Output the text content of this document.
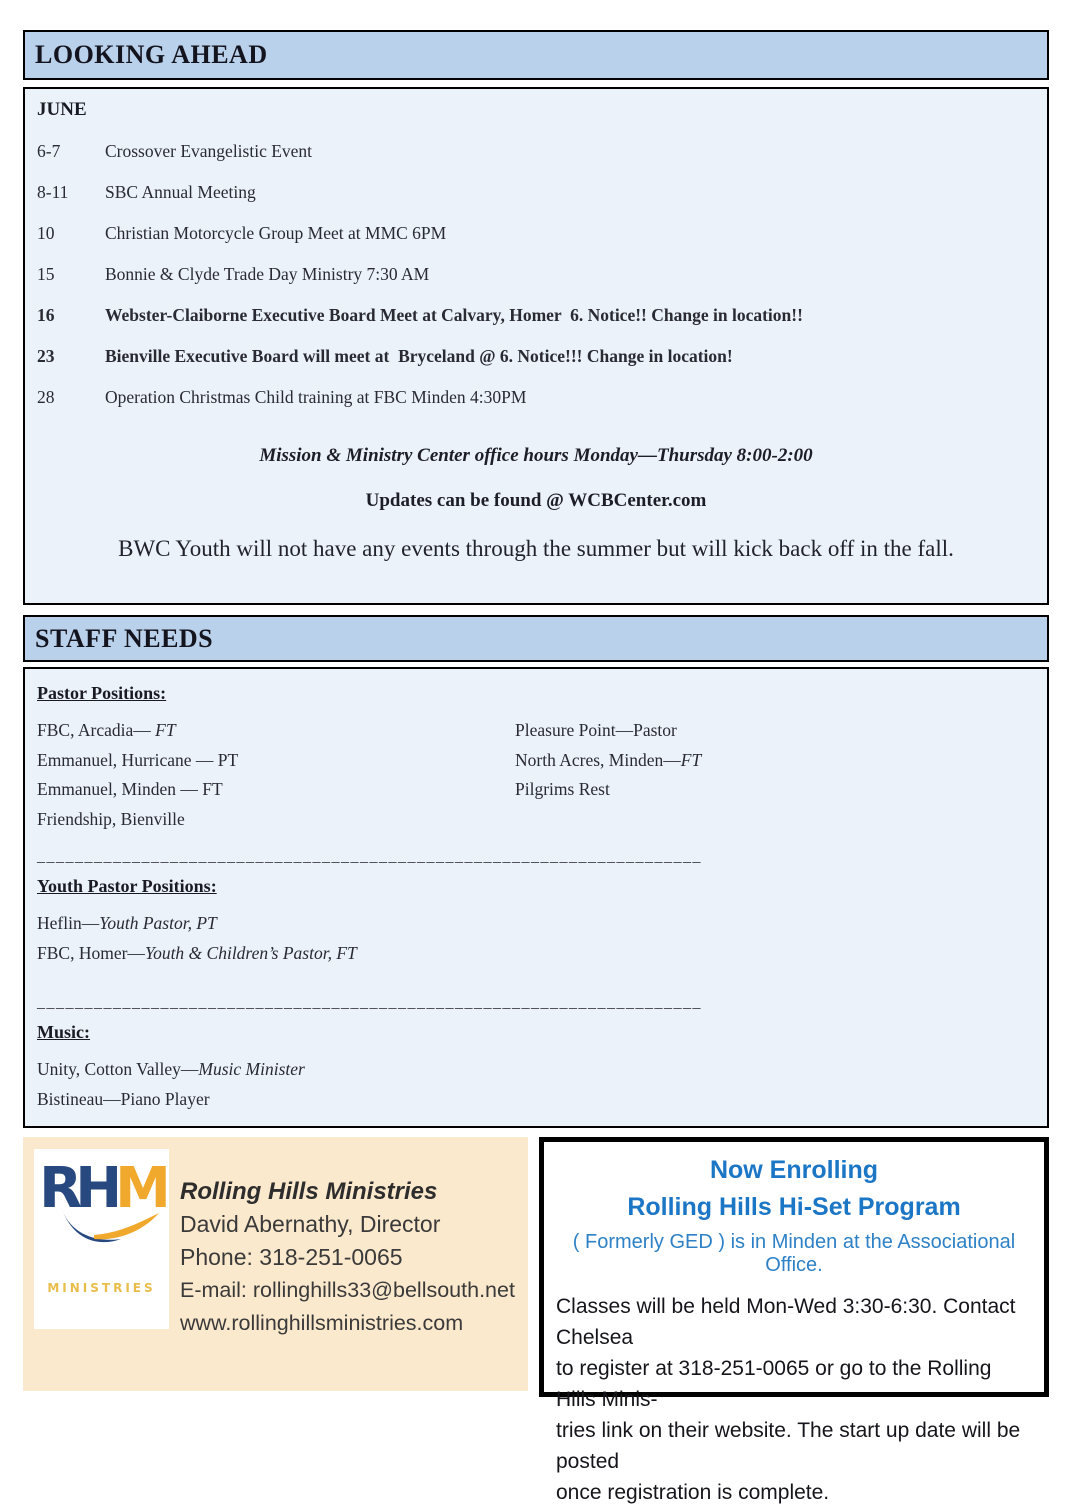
LOOKING AHEAD
JUNE
6-7	Crossover Evangelistic Event
8-11	SBC Annual Meeting
10	Christian Motorcycle Group Meet at MMC 6PM
15	Bonnie & Clyde Trade Day Ministry 7:30 AM
16	Webster-Claiborne Executive Board Meet at Calvary, Homer  6. Notice!! Change in location!!
23	Bienville Executive Board will meet at  Bryceland @ 6. Notice!!! Change in location!
28	Operation Christmas Child training at FBC Minden 4:30PM

Mission & Ministry Center office hours Monday—Thursday 8:00-2:00

Updates can be found @ WCBCenter.com

BWC Youth will not have any events through the summer but will kick back off in the fall.

STAFF NEEDS
Pastor Positions:
FBC, Arcadia— FT
Emmanuel, Hurricane — PT
Emmanuel, Minden — FT
Friendship, Bienville
Pleasure Point—Pastor
North Acres, Minden—FT
Pilgrims Rest
______________________________________________________________________
Youth Pastor Positions:
Heflin—Youth Pastor, PT
FBC, Homer—Youth & Children’s Pastor, FT
______________________________________________________________________
Music:
Unity, Cotton Valley—Music Minister
Bistineau—Piano Player
RHM
MINISTRIES
Rolling Hills Ministries
David Abernathy, Director
Phone: 318-251-0065
E-mail: rollinghills33@bellsouth.net
www.rollinghillsministries.com
Now Enrolling
Rolling Hills Hi-Set Program
( Formerly GED ) is in Minden at the Associational Office.
Classes will be held Mon-Wed 3:30-6:30. Contact Chelsea
to register at 318-251-0065 or go to the Rolling Hills Minis-
tries link on their website. The start up date will be posted
once registration is complete.
